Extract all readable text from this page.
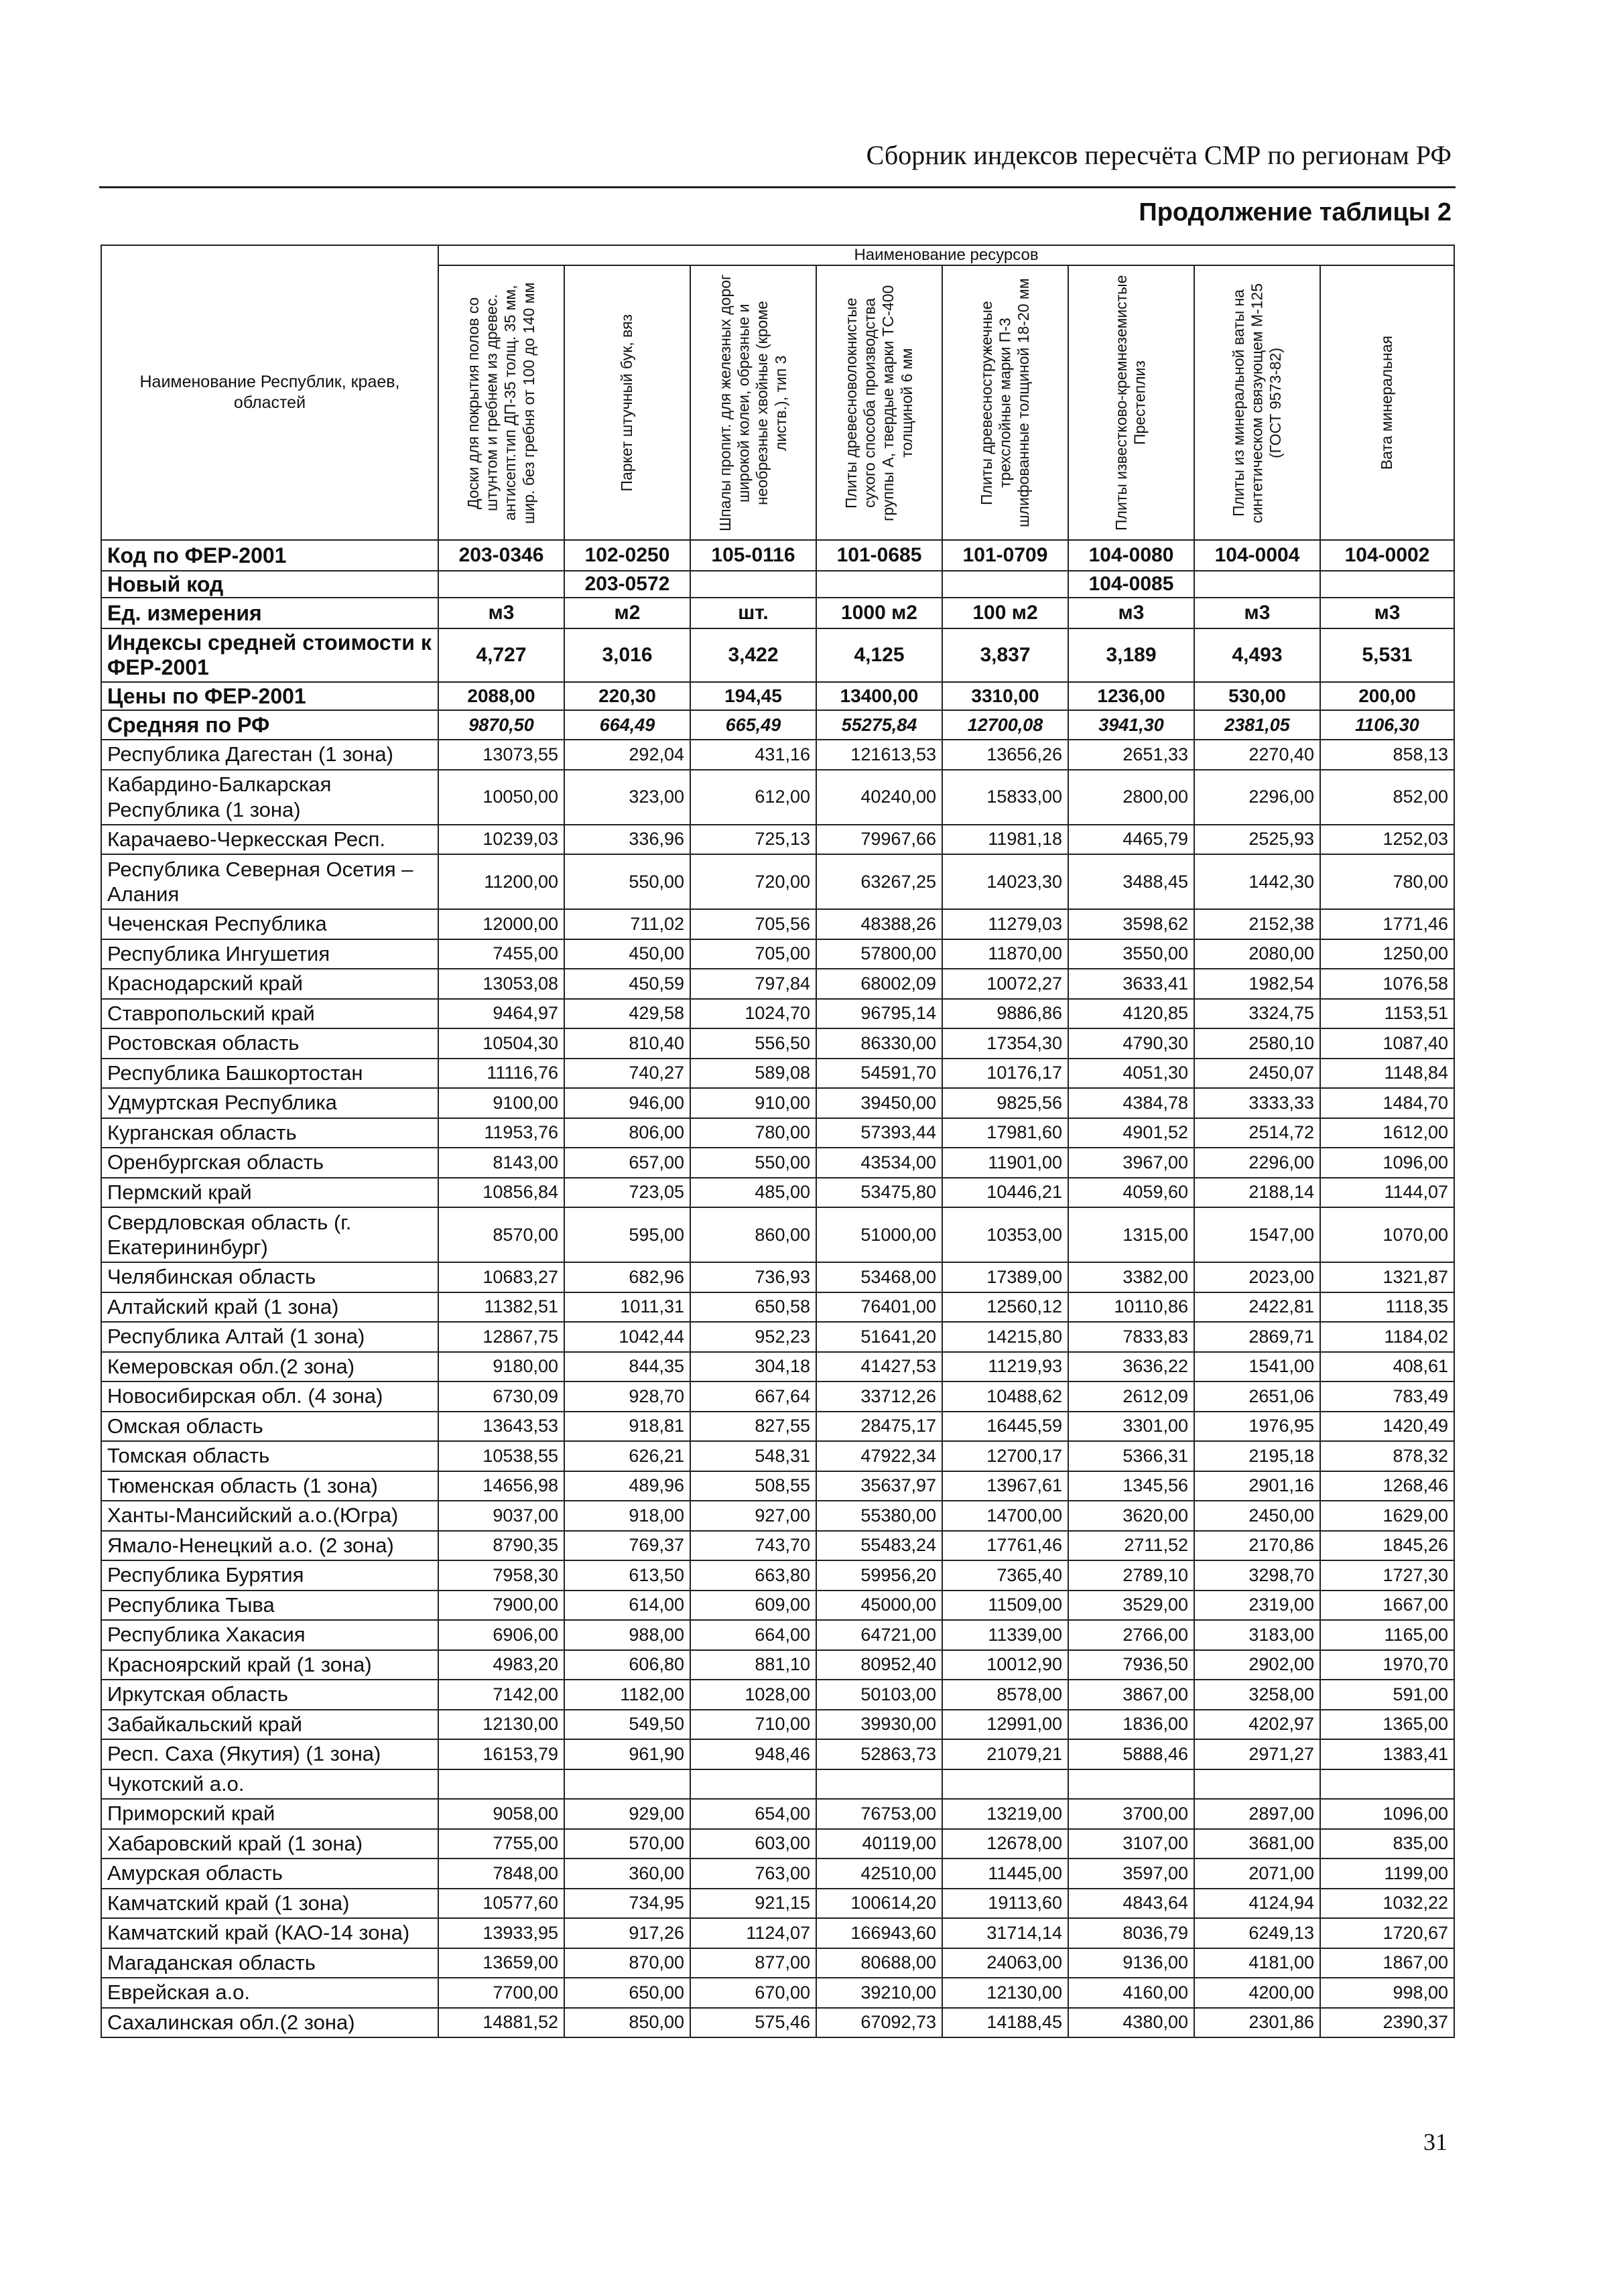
Сборник индексов пересчёта СМР по регионам РФ
Продолжение таблицы 2
Наименование Республик, краев, областей	Наименование ресурсов							

	Доски для покрытия полов со штунтом и гребнем из древес. антисепт.тип ДП-35 толщ. 35 мм, шир. без гребня от 100 до 140 мм	Паркет штучный бук, вяз	Шпалы пропит. для железных дорог широкой колеи, обрезные и необрезные хвойные (кроме листв.), тип 3	Плиты древесноволокнистые сухого способа производства группы А, твердые марки ТС-400 толщиной 6 мм	Плиты древесностружечные трехслойные марки П-3 шлифованные толщиной 18-20 мм	Плиты известково-кремнеземистые Престеплиз	Плиты из минеральной ваты на синтетическом связующем М-125 (ГОСТ 9573-82)	Вата минеральная

Код по ФЕР-2001	203-0346	102-0250	105-0116	101-0685	101-0709	104-0080	104-0004	104-0002
Новый код		203-0572				104-0085		
Ед. измерения	м3	м2	шт.	1000 м2	100 м2	м3	м3	м3
Индексы средней стоимости к ФЕР-2001	4,727	3,016	3,422	4,125	3,837	3,189	4,493	5,531
Цены по ФЕР-2001	2088,00	220,30	194,45	13400,00	3310,00	1236,00	530,00	200,00
Средняя по РФ	9870,50	664,49	665,49	55275,84	12700,08	3941,30	2381,05	1106,30
Республика Дагестан (1 зона)	13073,55	292,04	431,16	121613,53	13656,26	2651,33	2270,40	858,13
Кабардино-Балкарская Республика (1 зона)	10050,00	323,00	612,00	40240,00	15833,00	2800,00	2296,00	852,00
Карачаево-Черкесская Респ.	10239,03	336,96	725,13	79967,66	11981,18	4465,79	2525,93	1252,03
Республика Северная Осетия – Алания	11200,00	550,00	720,00	63267,25	14023,30	3488,45	1442,30	780,00
Чеченская Республика	12000,00	711,02	705,56	48388,26	11279,03	3598,62	2152,38	1771,46
Республика Ингушетия	7455,00	450,00	705,00	57800,00	11870,00	3550,00	2080,00	1250,00
Краснодарский край	13053,08	450,59	797,84	68002,09	10072,27	3633,41	1982,54	1076,58
Ставропольский край	9464,97	429,58	1024,70	96795,14	9886,86	4120,85	3324,75	1153,51
Ростовская область	10504,30	810,40	556,50	86330,00	17354,30	4790,30	2580,10	1087,40
Республика Башкортостан	11116,76	740,27	589,08	54591,70	10176,17	4051,30	2450,07	1148,84
Удмуртская Республика	9100,00	946,00	910,00	39450,00	9825,56	4384,78	3333,33	1484,70
Курганская область	11953,76	806,00	780,00	57393,44	17981,60	4901,52	2514,72	1612,00
Оренбургская область	8143,00	657,00	550,00	43534,00	11901,00	3967,00	2296,00	1096,00
Пермский край	10856,84	723,05	485,00	53475,80	10446,21	4059,60	2188,14	1144,07
Свердловская область (г. Екатерининбург)	8570,00	595,00	860,00	51000,00	10353,00	1315,00	1547,00	1070,00
Челябинская область	10683,27	682,96	736,93	53468,00	17389,00	3382,00	2023,00	1321,87
Алтайский край (1 зона)	11382,51	1011,31	650,58	76401,00	12560,12	10110,86	2422,81	1118,35
Республика Алтай (1 зона)	12867,75	1042,44	952,23	51641,20	14215,80	7833,83	2869,71	1184,02
Кемеровская обл.(2 зона)	9180,00	844,35	304,18	41427,53	11219,93	3636,22	1541,00	408,61
Новосибирская обл. (4 зона)	6730,09	928,70	667,64	33712,26	10488,62	2612,09	2651,06	783,49
Омская область	13643,53	918,81	827,55	28475,17	16445,59	3301,00	1976,95	1420,49
Томская область	10538,55	626,21	548,31	47922,34	12700,17	5366,31	2195,18	878,32
Тюменская область (1 зона)	14656,98	489,96	508,55	35637,97	13967,61	1345,56	2901,16	1268,46
Ханты-Мансийский а.о.(Югра)	9037,00	918,00	927,00	55380,00	14700,00	3620,00	2450,00	1629,00
Ямало-Ненецкий а.о. (2 зона)	8790,35	769,37	743,70	55483,24	17761,46	2711,52	2170,86	1845,26
Республика Бурятия	7958,30	613,50	663,80	59956,20	7365,40	2789,10	3298,70	1727,30
Республика Тыва	7900,00	614,00	609,00	45000,00	11509,00	3529,00	2319,00	1667,00
Республика Хакасия	6906,00	988,00	664,00	64721,00	11339,00	2766,00	3183,00	1165,00
Красноярский край (1 зона)	4983,20	606,80	881,10	80952,40	10012,90	7936,50	2902,00	1970,70
Иркутская область	7142,00	1182,00	1028,00	50103,00	8578,00	3867,00	3258,00	591,00
Забайкальский край	12130,00	549,50	710,00	39930,00	12991,00	1836,00	4202,97	1365,00
Респ. Саха (Якутия) (1 зона)	16153,79	961,90	948,46	52863,73	21079,21	5888,46	2971,27	1383,41
Чукотский а.о.								
Приморский край	9058,00	929,00	654,00	76753,00	13219,00	3700,00	2897,00	1096,00
Хабаровский край (1 зона)	7755,00	570,00	603,00	40119,00	12678,00	3107,00	3681,00	835,00
Амурская область	7848,00	360,00	763,00	42510,00	11445,00	3597,00	2071,00	1199,00
Камчатский край (1 зона)	10577,60	734,95	921,15	100614,20	19113,60	4843,64	4124,94	1032,22
Камчатский край (КАО-14 зона)	13933,95	917,26	1124,07	166943,60	31714,14	8036,79	6249,13	1720,67
Магаданская область	13659,00	870,00	877,00	80688,00	24063,00	9136,00	4181,00	1867,00
Еврейская а.о.	7700,00	650,00	670,00	39210,00	12130,00	4160,00	4200,00	998,00
Сахалинская обл.(2 зона)	14881,52	850,00	575,46	67092,73	14188,45	4380,00	2301,86	2390,37
31
